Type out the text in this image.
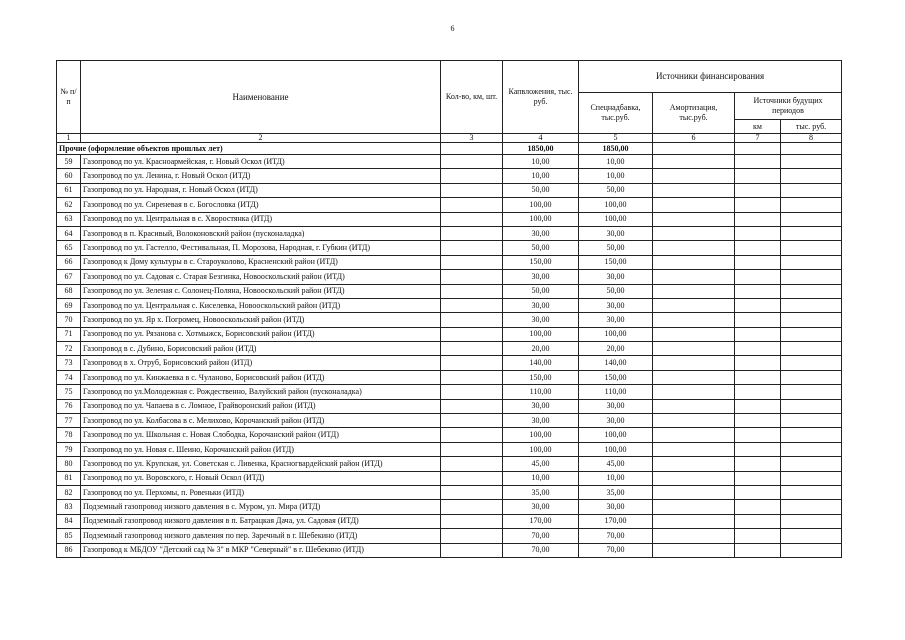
6
№ п/п	Наименование	Кол-во, км, шт.	Капвложения, тыс. руб.	Источники финансирования			
				Спецнадбавка, тыс.руб.	Амортизация, тыс.руб.	Источники будущих периодов	
						км	тыс. руб.
1	2	3	4	5	6	7	8
Прочие (оформление объектов прошлых лет)			1850,00	1850,00			
59	Газопровод по ул. Красноармейская, г. Новый Оскол (ИТД)		10,00	10,00			
60	Газопровод по ул. Ленина, г. Новый Оскол (ИТД)		10,00	10,00			
61	Газопровод по ул. Народная, г. Новый Оскол (ИТД)		50,00	50,00			
62	Газопровод по ул. Сиреневая в с. Богословка (ИТД)		100,00	100,00			
63	Газопровод по ул. Центральная в с. Хворостянка (ИТД)		100,00	100,00			
64	Газопровод в п. Красивый, Волоконовский район (пусконаладка)		30,00	30,00			
65	Газопровод по ул. Гастелло, Фестивальная, П. Морозова, Народная, г. Губкин (ИТД)		50,00	50,00			
66	Газопровод к Дому культуры в с. Староуколово, Красненский район (ИТД)		150,00	150,00			
67	Газопровод по ул. Садовая с. Старая Безгинка, Новооскольский район (ИТД)		30,00	30,00			
68	Газопровод по ул. Зеленая с. Солонец-Поляна, Новооскольский район (ИТД)		50,00	50,00			
69	Газопровод по ул. Центральная с. Киселевка, Новооскольский район (ИТД)		30,00	30,00			
70	Газопровод по ул. Яр х. Погромец, Новооскольский район (ИТД)		30,00	30,00			
71	Газопровод по ул. Рязанова с. Хотмыжск, Борисовский район (ИТД)		100,00	100,00			
72	Газопровод в с. Дубино, Борисовский район (ИТД)		20,00	20,00			
73	Газопровод в х. Отруб, Борисовский район (ИТД)		140,00	140,00			
74	Газопровод по ул. Кинжаевка в с. Чуланово, Борисовский район (ИТД)		150,00	150,00			
75	Газопровод по ул.Молодежная с. Рождественно, Валуйский район (пусконаладка)		110,00	110,00			
76	Газопровод по ул. Чапаева в с. Ломное, Грайворонский район (ИТД)		30,00	30,00			
77	Газопровод по ул. Колбасова в с. Мелихово, Корочанский район (ИТД)		30,00	30,00			
78	Газопровод по ул. Школьная с. Новая Слободка, Корочанский район (ИТД)		100,00	100,00			
79	Газопровод по ул. Новая с. Шеино, Корочанский район (ИТД)		100,00	100,00			
80	Газопровод по ул. Крупская, ул. Советская с. Ливенка, Красногвардейский район (ИТД)		45,00	45,00			
81	Газопровод по ул. Воровского, г. Новый Оскол (ИТД)		10,00	10,00			
82	Газопровод по ул. Перхомы, п. Ровеньки (ИТД)		35,00	35,00			
83	Подземный газопровод низкого давления в с. Муром, ул. Мира (ИТД)		30,00	30,00			
84	Подземный газопровод низкого давления в п. Батрацкая Дача, ул. Садовая (ИТД)		170,00	170,00			
85	Подземный газопровод низкого давления по пер. Заречный в г. Шебекино (ИТД)		70,00	70,00			
86	Газопровод к МБДОУ "Детский сад № 3" в МКР "Северный" в г. Шебекино (ИТД)		70,00	70,00			
